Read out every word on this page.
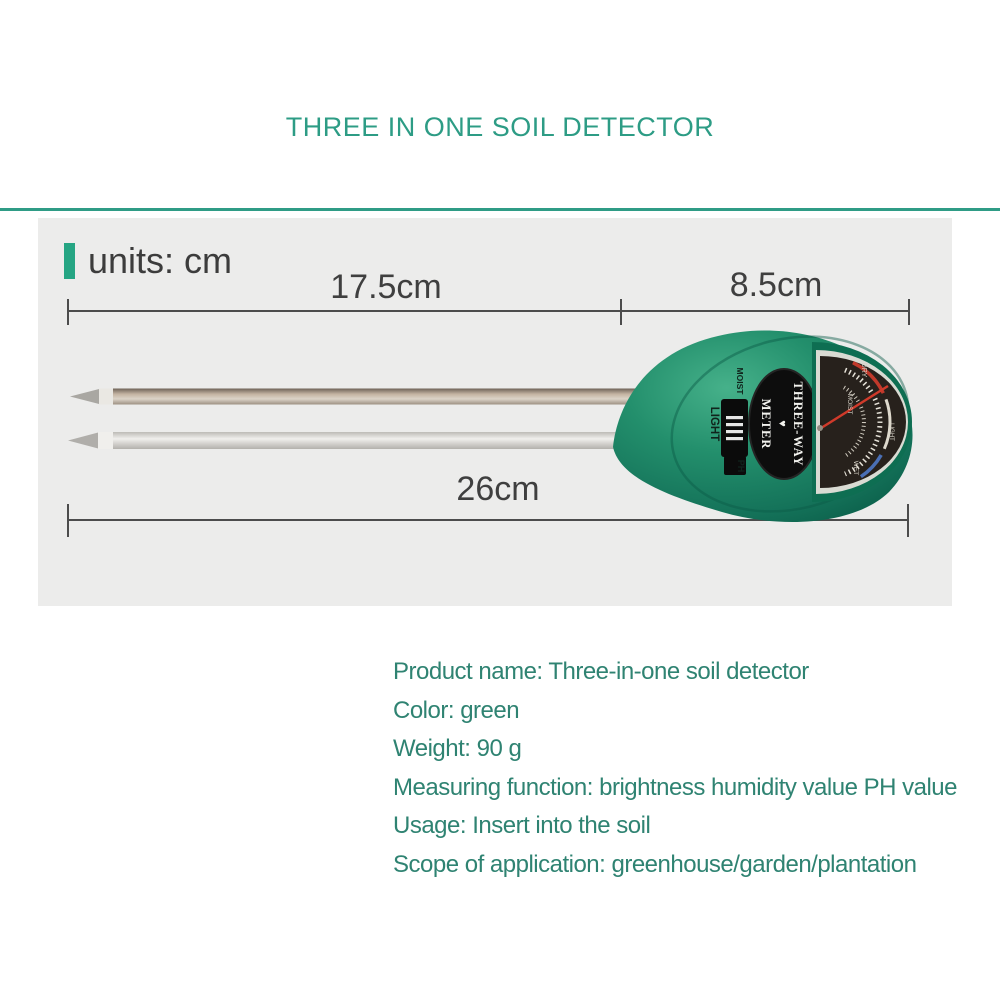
THREE IN ONE SOIL DETECTOR
units: cm
17.5cm	8.5cm
26cm
MOIST
LIGHT
PH	THREE-WAY
♥
METER
DRY
MOIST
WET
LIGHT
Product name: Three-in-one soil detector
Color: green
Weight: 90 g
Measuring function: brightness humidity value PH value
Usage: Insert into the soil
Scope of application: greenhouse/garden/plantation
